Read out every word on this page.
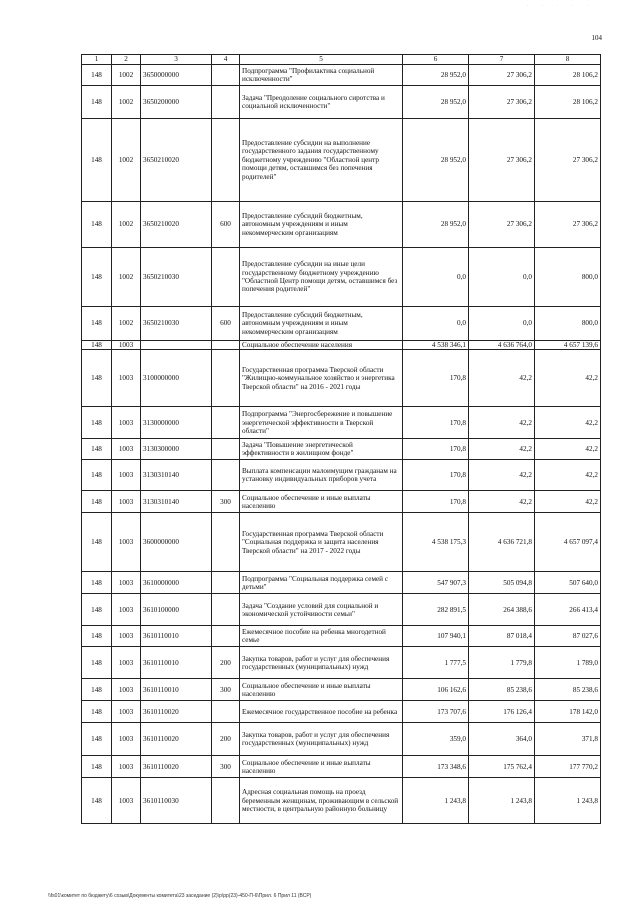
· · · · ·
104
1	2	3	4	5	6	7	8
148	1002	3650000000		Подпрограмма "Профилактика социальной исключенности"	28 952,0	27 306,2	28 106,2
148	1002	3650200000		Задача "Преодоление социального сиротства и социальной исключенности"	28 952,0	27 306,2	28 106,2
148	1002	3650210020		Предоставление субсидии на выполнение государственного задания государственному бюджетному учреждению "Областной центр помощи детям, оставшимся без попечения родителей"	28 952,0	27 306,2	27 306,2
148	1002	3650210020	600	Предоставление субсидий бюджетным, автономным учреждениям и иным некоммерческим организациям	28 952,0	27 306,2	27 306,2
148	1002	3650210030		Предоставление субсидии на иные цели государственному бюджетному учреждению "Областной Центр помощи детям, оставшимся без попечения родителей"	0,0	0,0	800,0
148	1002	3650210030	600	Предоставление субсидий бюджетным, автономным учреждениям и иным некоммерческим организациям	0,0	0,0	800,0
148	1003			Социальное обеспечение населения	4 538 346,1	4 636 764,0	4 657 139,6
148	1003	3100000000		Государственная программа Тверской области "Жилищно-коммунальное хозяйство и энергетика Тверской области" на 2016 - 2021 годы	170,8	42,2	42,2
148	1003	3130000000		Подпрограмма "Энергосбережение и повышение энергетической эффективности в Тверской области"	170,8	42,2	42,2
148	1003	3130300000		Задача "Повышение энергетической эффективности в жилищном фонде"	170,8	42,2	42,2
148	1003	3130310140		Выплата компенсации малоимущим гражданам на установку индивидуальных приборов учета	170,8	42,2	42,2
148	1003	3130310140	300	Социальное обеспечение и иные выплаты населению	170,8	42,2	42,2
148	1003	3600000000		Государственная программа Тверской области "Социальная поддержка и защита населения Тверской области" на 2017 - 2022 годы	4 538 175,3	4 636 721,8	4 657 097,4
148	1003	3610000000		Подпрограмма "Социальная поддержка семей с детьми"	547 907,3	505 094,8	507 640,0
148	1003	3610100000		Задача "Создание условий для социальной и экономической устойчивости семьи"	282 891,5	264 388,6	266 413,4
148	1003	3610110010		Ежемесячное пособие на ребенка многодетной семье	107 940,1	87 018,4	87 027,6
148	1003	3610110010	200	Закупка товаров, работ и услуг для обеспечения государственных (муниципальных) нужд	1 777,5	1 779,8	1 789,0
148	1003	3610110010	300	Социальное обеспечение и иные выплаты населению	106 162,6	85 238,6	85 238,6
148	1003	3610110020		Ежемесячное государственное пособие на ребенка	173 707,6	176 126,4	178 142,0
148	1003	3610110020	200	Закупка товаров, работ и услуг для обеспечения государственных (муниципальных) нужд	359,0	364,0	371,8
148	1003	3610110020	300	Социальное обеспечение и иные выплаты населению	173 348,6	175 762,4	177 770,2
148	1003	3610110030		Адресная социальная помощь на проезд беременным женщинам, проживающим в сельской местности, в центральную районную больницу	1 243,8	1 243,8	1 243,8
\\fs01\комитет по бюджету\6 созыв\Документы комитета\23 заседание (2)\р\рр(23)-450-П-6\Прил. 6 Прил 11 (ВСР)
